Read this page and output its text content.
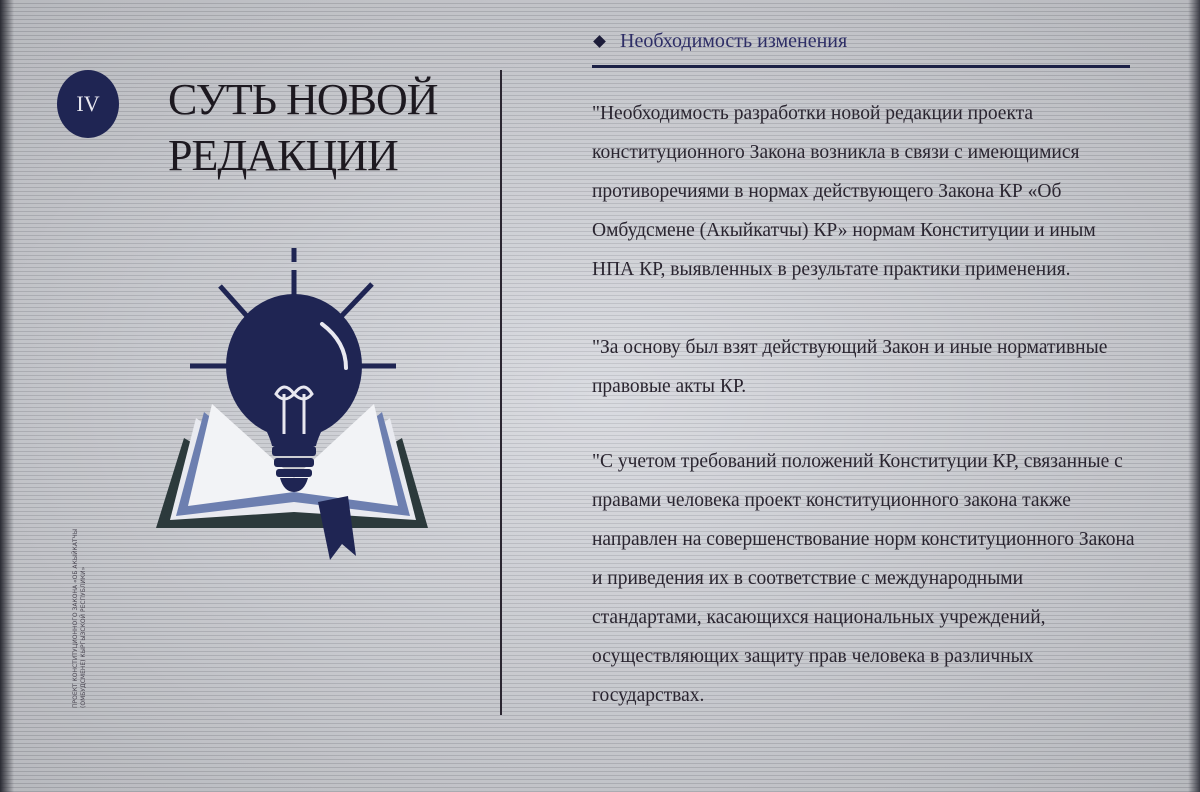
IV	СУТЬ НОВОЙ
РЕДАКЦИИ
ПРОЕКТ КОНСТИТУЦИОННОГО ЗАКОНА «ОБ АКЫЙКАТЧЫ
(ОМБУДСМЕНЕ) КЫРГЫЗСКОЙ РЕСПУБЛИКИ»
Необходимость изменения
"Необходимость разработки новой редакции проекта конституционного Закона возникла в связи с имеющимися противоречиями в нормах действующего Закона КР «Об Омбудсмене (Акыйкатчы) КР» нормам Конституции и иным НПА КР, выявленных в результате практики применения.
"За основу был взят действующий Закон и иные нормативные правовые акты КР.
"С учетом требований положений Конституции КР, связанные с правами человека проект конституционного закона также направлен на совершенствование норм конституционного Закона и приведения их в соответствие с международными стандартами, касающихся национальных учреждений, осуществляющих защиту прав человека в различных государствах.
